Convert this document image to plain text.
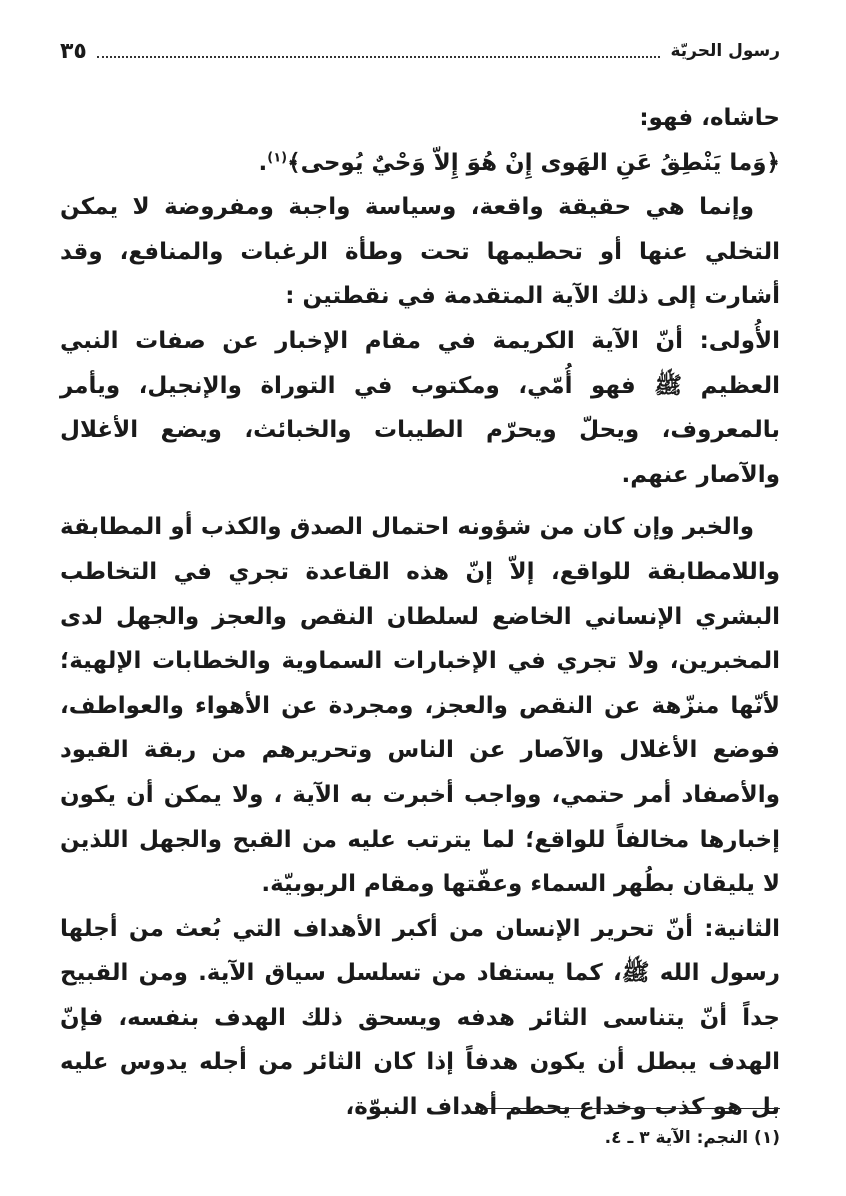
رسول الحريّة
٣٥

حاشاه، فهو:

﴿وَما يَنْطِقُ عَنِ الهَوى إِنْ هُوَ إِلاّ وَحْيٌ يُوحى﴾$^{(١)}$.

وإنما هي حقيقة واقعة، وسياسة واجبة ومفروضة لا يمكن التخلي عنها أو تحطيمها تحت وطأة الرغبات والمنافع، وقد أشارت إلى ذلك الآية المتقدمة في نقطتين :

الأُولى: أنّ الآية الكريمة في مقام الإخبار عن صفات النبي العظيم ﷺ فهو أُمّي، ومكتوب في التوراة والإنجيل، ويأمر بالمعروف، ويحلّ ويحرّم الطيبات والخبائث، ويضع الأغلال والآصار عنهم.

والخبر وإن كان من شؤونه احتمال الصدق والكذب أو المطابقة واللامطابقة للواقع، إلاّ إنّ هذه القاعدة تجري في التخاطب البشري الإنساني الخاضع لسلطان النقص والعجز والجهل لدى المخبرين، ولا تجري في الإخبارات السماوية والخطابات الإلهية؛ لأنّها منزّهة عن النقص والعجز، ومجردة عن الأهواء والعواطف، فوضع الأغلال والآصار عن الناس وتحريرهم من ربقة القيود والأصفاد أمر حتمي، وواجب أخبرت به الآية ، ولا يمكن أن يكون إخبارها مخالفاً للواقع؛ لما يترتب عليه من القبح والجهل اللذين لا يليقان بطُهر السماء وعفّتها ومقام الربوبيّة.

الثانية: أنّ تحرير الإنسان من أكبر الأهداف التي بُعث من أجلها رسول الله ﷺ، كما يستفاد من تسلسل سياق الآية. ومن القبيح جداً أنّ يتناسى الثائر هدفه ويسحق ذلك الهدف بنفسه، فإنّ الهدف يبطل أن يكون هدفاً إذا كان الثائر من أجله يدوس عليه بل هو كذب وخداع يحطم أهداف النبوّة،

(١) النجم: الآية ٣ ـ ٤.
